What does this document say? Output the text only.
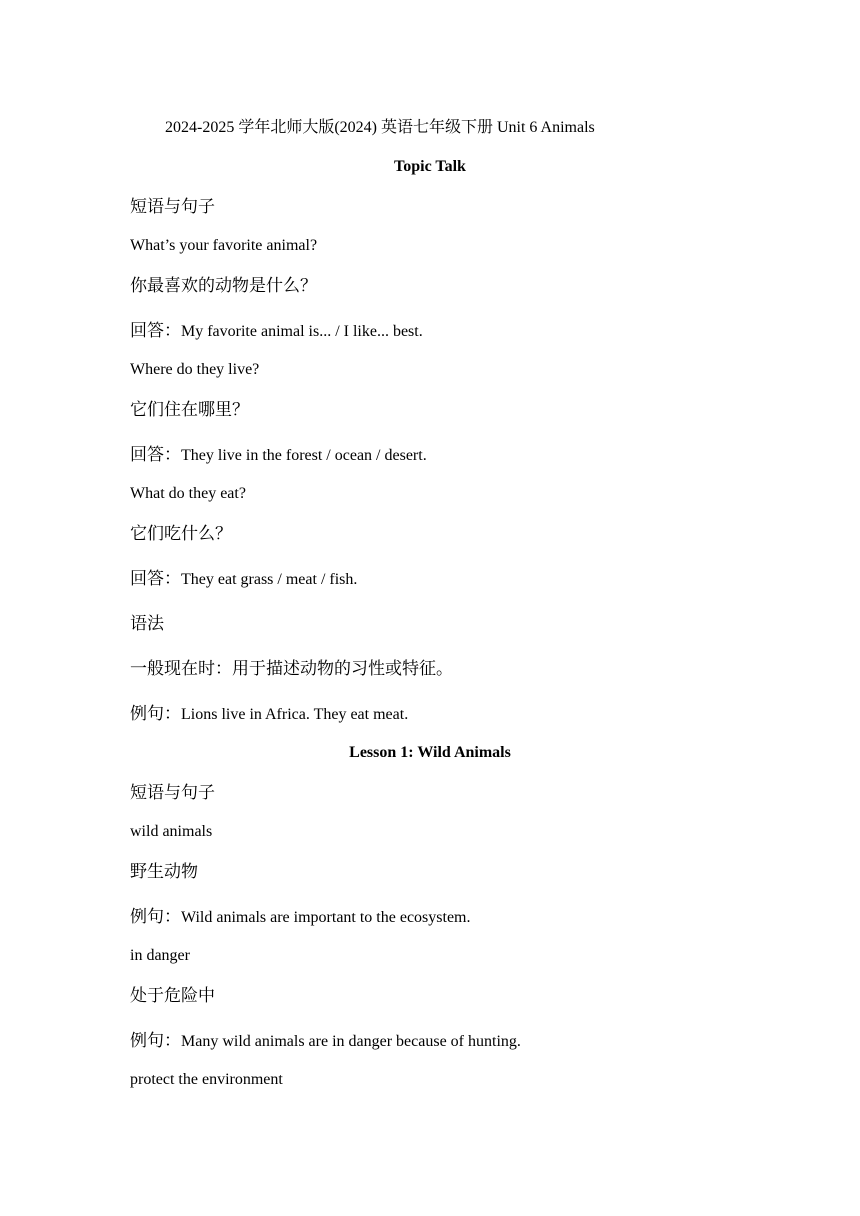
2024-2025 学年北师大版(2024) 英语七年级下册 Unit 6 Animals
Topic Talk
短语与句子
What’s your favorite animal?
你最喜欢的动物是什么？
回答：My favorite animal is... / I like... best.
Where do they live?
它们住在哪里？
回答：They live in the forest / ocean / desert.
What do they eat?
它们吃什么？
回答：They eat grass / meat / fish.
语法
一般现在时：用于描述动物的习性或特征。
例句：Lions live in Africa. They eat meat.
Lesson 1: Wild Animals
短语与句子
wild animals
野生动物
例句：Wild animals are important to the ecosystem.
in danger
处于危险中
例句：Many wild animals are in danger because of hunting.
protect the environment
